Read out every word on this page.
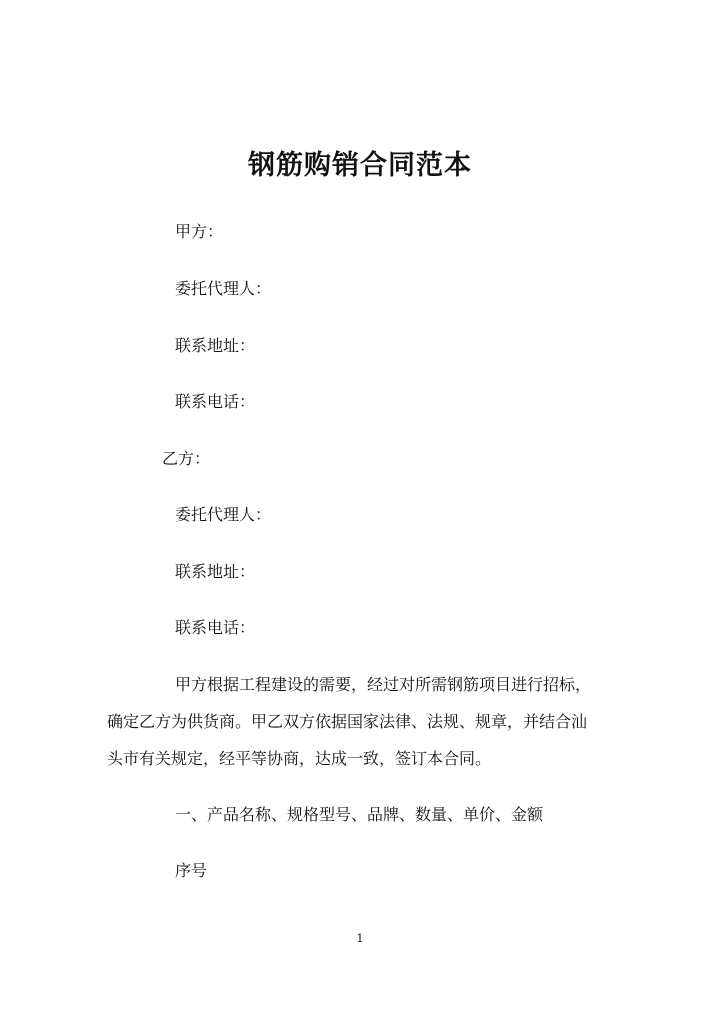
钢筋购销合同范本
甲方：
委托代理人：
联系地址：
联系电话：
乙方：
委托代理人：
联系地址：
联系电话：
甲方根据工程建设的需要，经过对所需钢筋项目进行招标，
确定乙方为供货商。甲乙双方依据国家法律、法规、规章，并结合汕
头市有关规定，经平等协商，达成一致，签订本合同。
一、产品名称、规格型号、品牌、数量、单价、金额
序号
1
